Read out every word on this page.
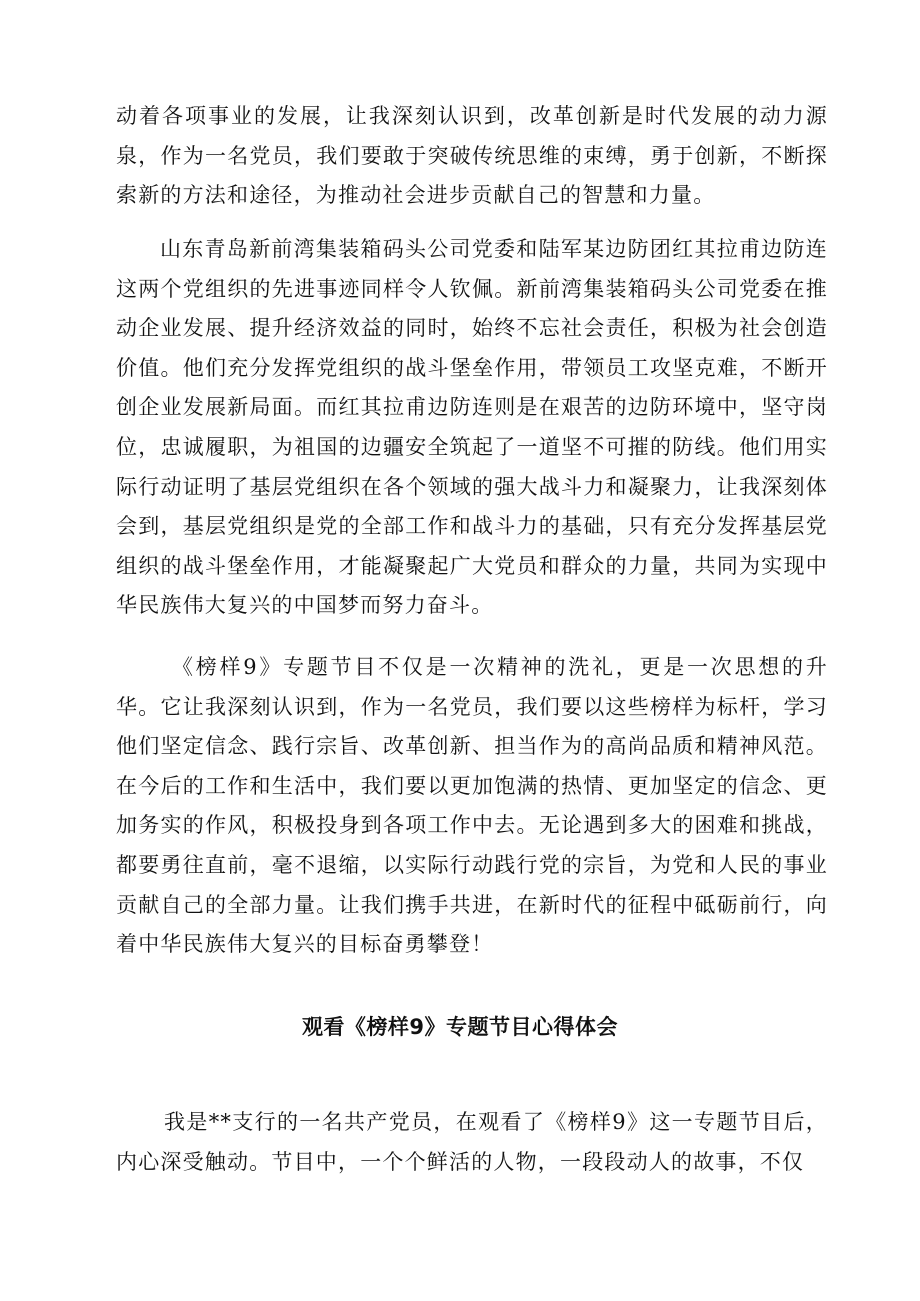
动着各项事业的发展，让我深刻认识到，改革创新是时代发展的动力源泉，作为一名党员，我们要敢于突破传统思维的束缚，勇于创新，不断探索新的方法和途径，为推动社会进步贡献自己的智慧和力量。

山东青岛新前湾集装箱码头公司党委和陆军某边防团红其拉甫边防连这两个党组织的先进事迹同样令人钦佩。新前湾集装箱码头公司党委在推动企业发展、提升经济效益的同时，始终不忘社会责任，积极为社会创造价值。他们充分发挥党组织的战斗堡垒作用，带领员工攻坚克难，不断开创企业发展新局面。而红其拉甫边防连则是在艰苦的边防环境中，坚守岗位，忠诚履职，为祖国的边疆安全筑起了一道坚不可摧的防线。他们用实际行动证明了基层党组织在各个领域的强大战斗力和凝聚力，让我深刻体会到，基层党组织是党的全部工作和战斗力的基础，只有充分发挥基层党组织的战斗堡垒作用，才能凝聚起广大党员和群众的力量，共同为实现中华民族伟大复兴的中国梦而努力奋斗。

《榜样9》专题节目不仅是一次精神的洗礼，更是一次思想的升华。它让我深刻认识到，作为一名党员，我们要以这些榜样为标杆，学习他们坚定信念、践行宗旨、改革创新、担当作为的高尚品质和精神风范。在今后的工作和生活中，我们要以更加饱满的热情、更加坚定的信念、更加务实的作风，积极投身到各项工作中去。无论遇到多大的困难和挑战，都要勇往直前，毫不退缩，以实际行动践行党的宗旨，为党和人民的事业贡献自己的全部力量。让我们携手共进，在新时代的征程中砥砺前行，向着中华民族伟大复兴的目标奋勇攀登！

观看《榜样9》专题节目心得体会

我是**支行的一名共产党员，在观看了《榜样9》这一专题节目后，内心深受触动。节目中，一个个鲜活的人物，一段段动人的故事，不仅
